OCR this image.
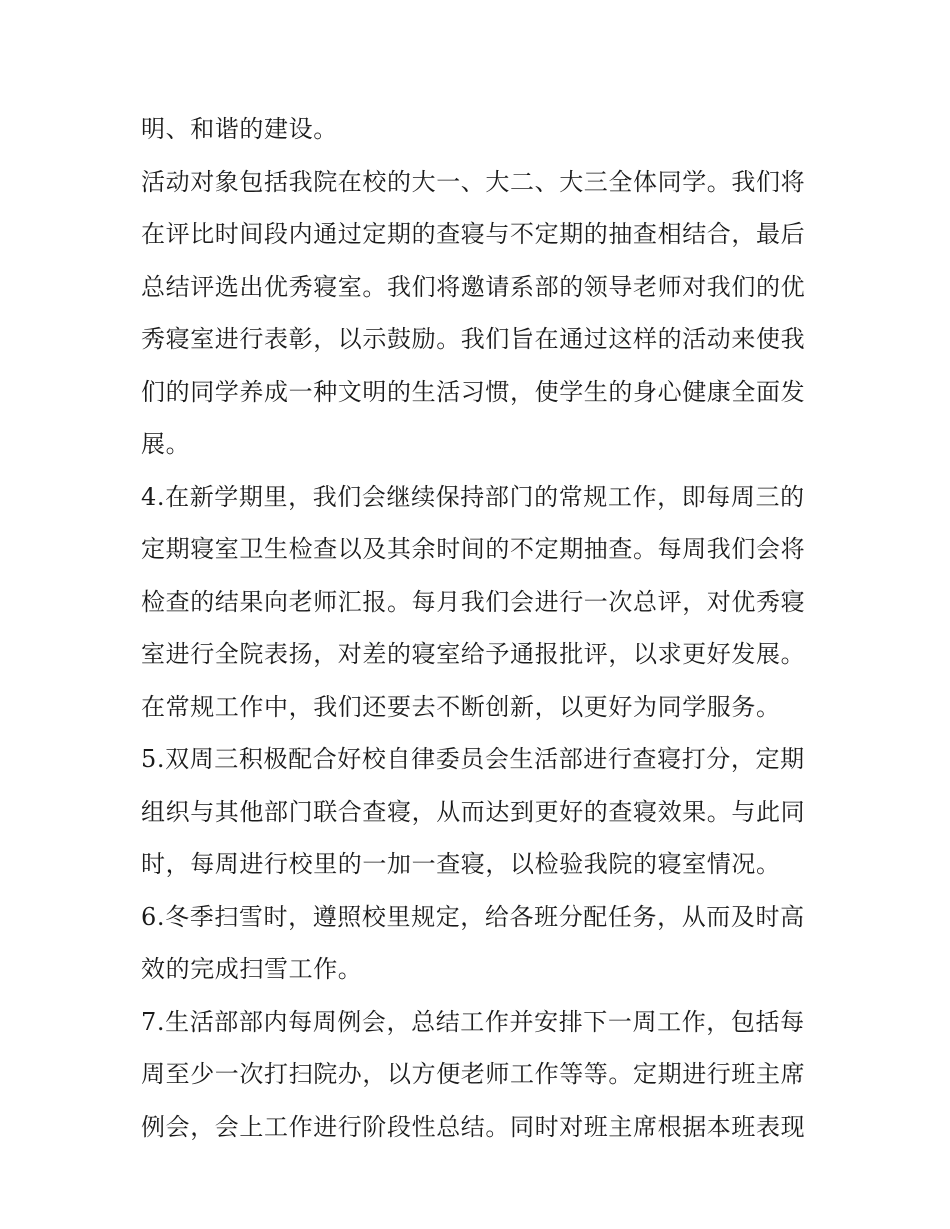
明、和谐的建设。
活动对象包括我院在校的大一、大二、大三全体同学。我们将
在评比时间段内通过定期的查寝与不定期的抽查相结合，最后
总结评选出优秀寝室。我们将邀请系部的领导老师对我们的优
秀寝室进行表彰，以示鼓励。我们旨在通过这样的活动来使我
们的同学养成一种文明的生活习惯，使学生的身心健康全面发
展。
4.在新学期里，我们会继续保持部门的常规工作，即每周三的
定期寝室卫生检查以及其余时间的不定期抽查。每周我们会将
检查的结果向老师汇报。每月我们会进行一次总评，对优秀寝
室进行全院表扬，对差的寝室给予通报批评，以求更好发展。
在常规工作中，我们还要去不断创新，以更好为同学服务。
5.双周三积极配合好校自律委员会生活部进行查寝打分，定期
组织与其他部门联合查寝，从而达到更好的查寝效果。与此同
时，每周进行校里的一加一查寝，以检验我院的寝室情况。
6.冬季扫雪时，遵照校里规定，给各班分配任务，从而及时高
效的完成扫雪工作。
7.生活部部内每周例会，总结工作并安排下一周工作，包括每
周至少一次打扫院办，以方便老师工作等等。定期进行班主席
例会，会上工作进行阶段性总结。同时对班主席根据本班表现
